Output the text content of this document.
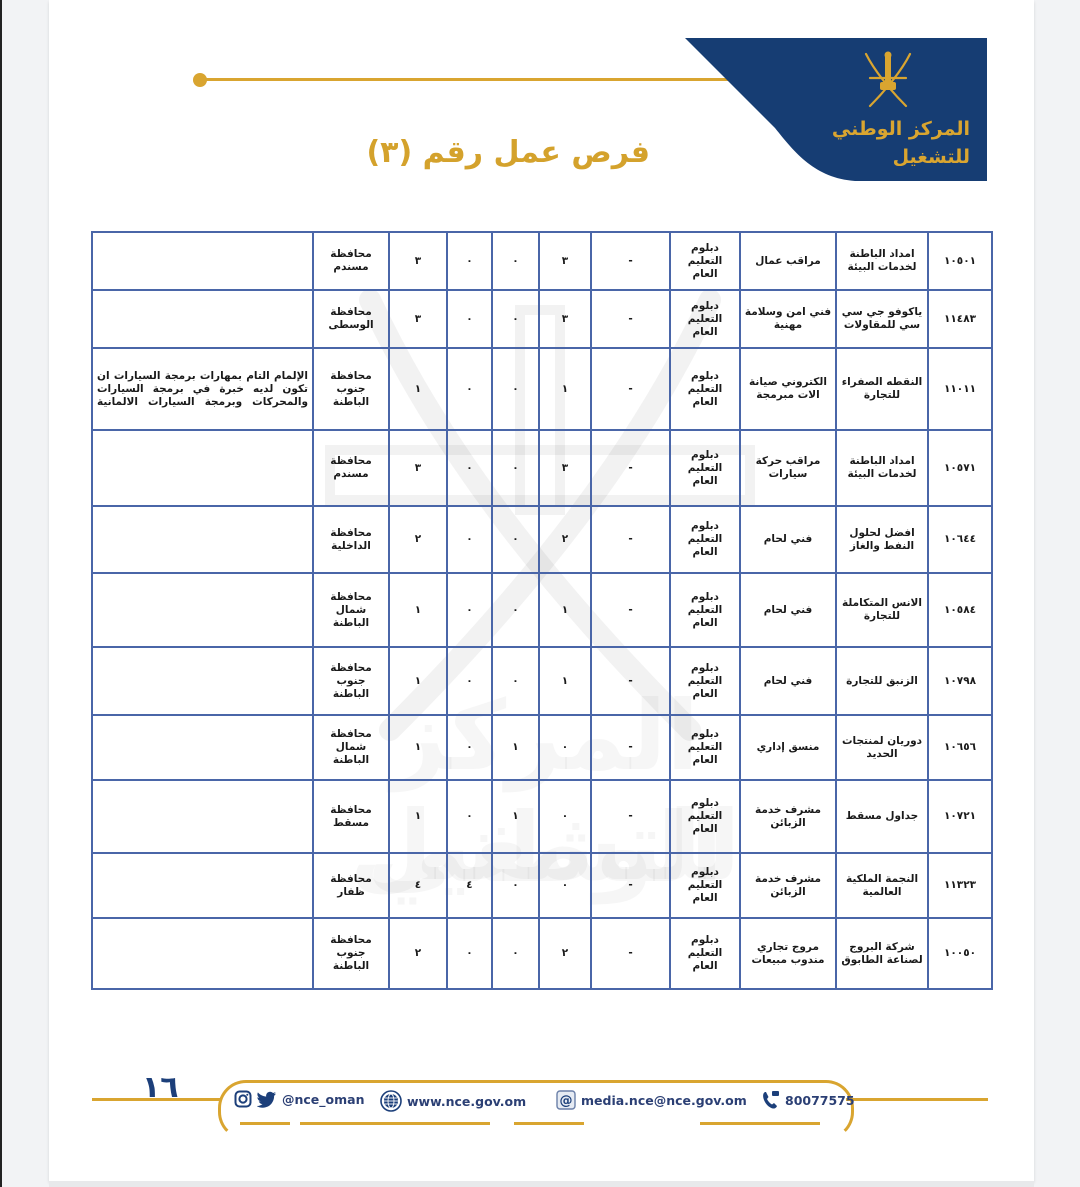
المركز الوطني
للتشغيل
فرص عمل رقم (٣)
١٠٥٠١	امداد الباطنة لخدمات البيئة	مراقب عمال	دبلوم التعليم العام	-	٣	٠	٠	٣	محافظة مسندم	
١١٤٨٣	ياكوفو جي سي سي للمقاولات	فني امن وسلامة مهنية	دبلوم التعليم العام	-	٣	٠	٠	٣	محافظة الوسطى	
١١٠١١	النقطه الصفراء للتجارة	الكتروني صيانة الات مبرمجة	دبلوم التعليم العام	-	١	٠	٠	١	محافظة جنوب الباطنة	الإلمام التام بمهارات برمجة السيارات ان تكون لديه خبرة في برمجة السيارات والمحركات وبرمجة السيارات الالمانية
١٠٥٧١	امداد الباطنة لخدمات البيئة	مراقب حركة سيارات	دبلوم التعليم العام	-	٣	٠	٠	٣	محافظة مسندم	
١٠٦٤٤	افضل لحلول النفط والغاز	فني لحام	دبلوم التعليم العام	-	٢	٠	٠	٢	محافظة الداخلية	
١٠٥٨٤	الانس المتكاملة للتجارة	فني لحام	دبلوم التعليم العام	-	١	٠	٠	١	محافظة شمال الباطنة	
١٠٧٩٨	الزنبق للتجارة	فني لحام	دبلوم التعليم العام	-	١	٠	٠	١	محافظة جنوب الباطنة	
١٠٦٥٦	دوريان لمنتجات الحديد	منسق إداري	دبلوم التعليم العام	-	٠	١	٠	١	محافظة شمال الباطنة	
١٠٧٢١	جداول مسقط	مشرف خدمة الزبائن	دبلوم التعليم العام	-	٠	١	٠	١	محافظة مسقط	
١١٣٢٣	النجمة الملكية العالمية	مشرف خدمة الزبائن	دبلوم التعليم العام	-	٠	٠	٤	٤	محافظة ظفار	
١٠٠٥٠	شركة البروج لصناعة الطابوق	مروج تجاري مندوب مبيعات	دبلوم التعليم العام	-	٢	٠	٠	٢	محافظة جنوب الباطنة	
١٦	@nce_oman	www.nce.gov.om	@ media.nce@nce.gov.om	80077575
